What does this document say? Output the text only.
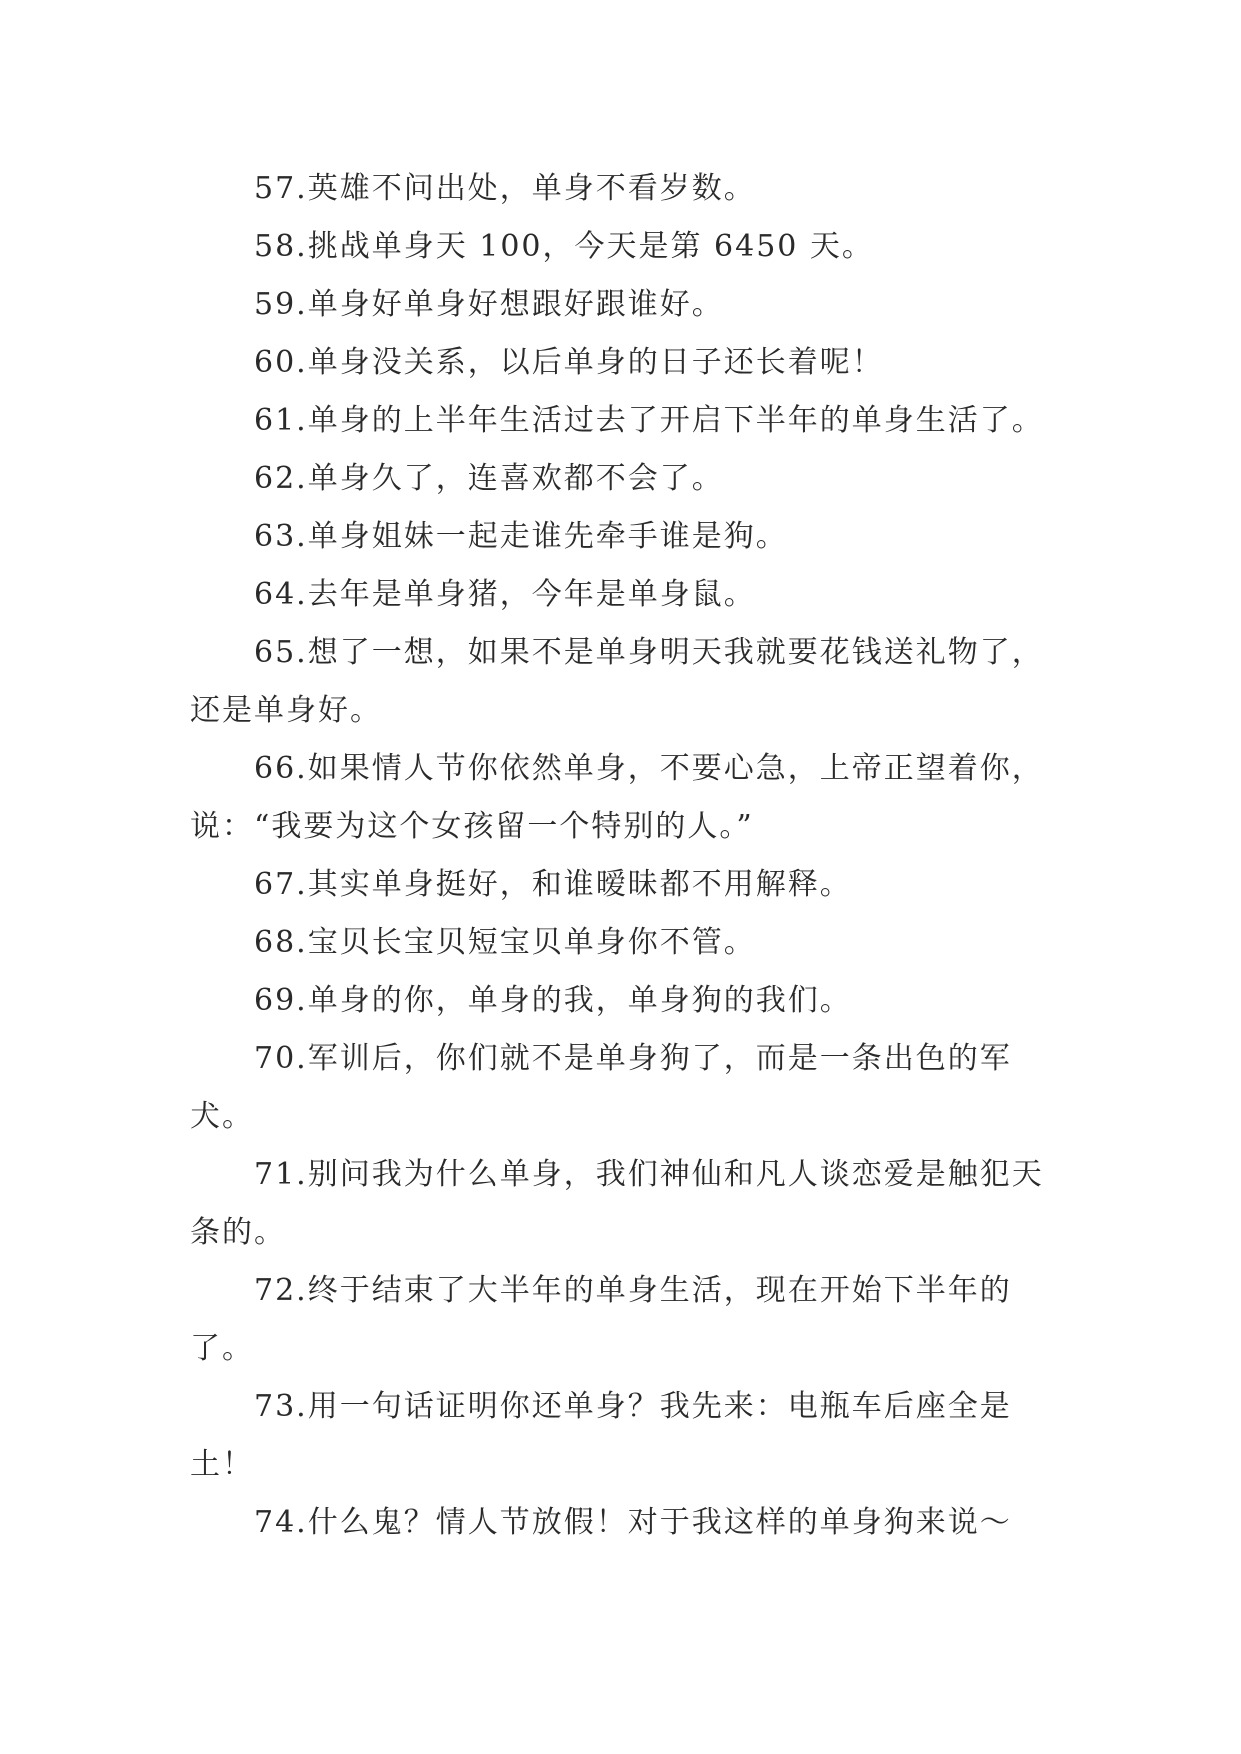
57.英雄不问出处，单身不看岁数。

58.挑战单身天 100，今天是第 6450 天。

59.单身好单身好想跟好跟谁好。

60.单身没关系，以后单身的日子还长着呢！

61.单身的上半年生活过去了开启下半年的单身生活了。

62.单身久了，连喜欢都不会了。

63.单身姐妹一起走谁先牵手谁是狗。

64.去年是单身猪，今年是单身鼠。

65.想了一想，如果不是单身明天我就要花钱送礼物了，还是单身好。

66.如果情人节你依然单身，不要心急，上帝正望着你，说：“我要为这个女孩留一个特别的人。”

67.其实单身挺好，和谁暧昧都不用解释。

68.宝贝长宝贝短宝贝单身你不管。

69.单身的你，单身的我，单身狗的我们。

70.军训后，你们就不是单身狗了，而是一条出色的军犬。

71.别问我为什么单身，我们神仙和凡人谈恋爱是触犯天条的。

72.终于结束了大半年的单身生活，现在开始下半年的了。

73.用一句话证明你还单身？我先来：电瓶车后座全是土！

74.什么鬼？情人节放假！对于我这样的单身狗来说～
